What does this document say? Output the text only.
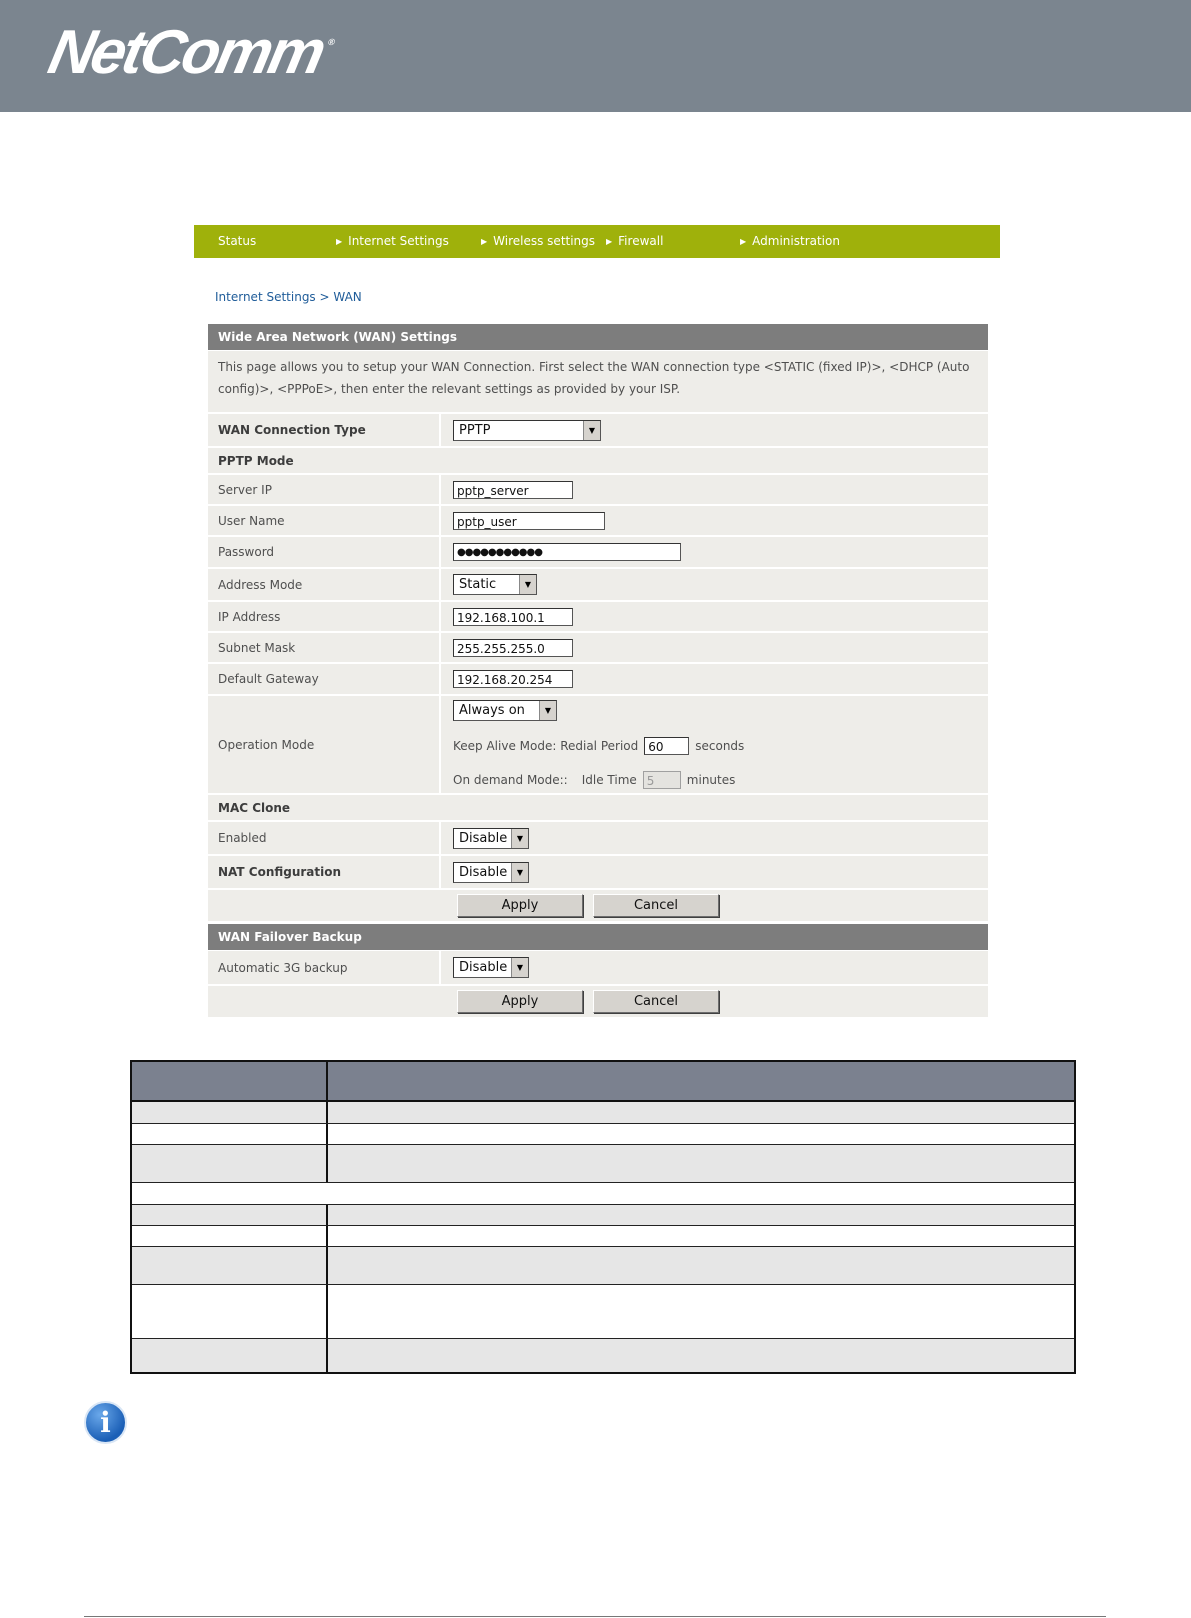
NetComm®
Status	▶ Internet Settings	▶ Wireless settings ▶ Firewall	▶ Administration
Internet Settings > WAN
Wide Area Network (WAN) Settings
This page allows you to setup your WAN Connection. First select the WAN connection type <STATIC (fixed IP)>, <DHCP (Auto config)>, <PPPoE>, then enter the relevant settings as provided by your ISP.
WAN Connection Type	PPTP	▼
PPTP Mode
Server IP	pptp_server
User Name	pptp_user
Password	●●●●●●●●●●●
Address Mode	Static	▼
IP Address	192.168.100.1
Subnet Mask	255.255.255.0
Default Gateway	192.168.20.254
Operation Mode
Always on	▼
Keep Alive Mode: Redial Period 60	seconds
On demand Mode:: Idle Time 5	minutes
MAC Clone
Enabled	Disable	▼
NAT Configuration	Disable	▼
Apply	Cancel
WAN Failover Backup
Automatic 3G backup	Disable	▼
Apply	Cancel
i
